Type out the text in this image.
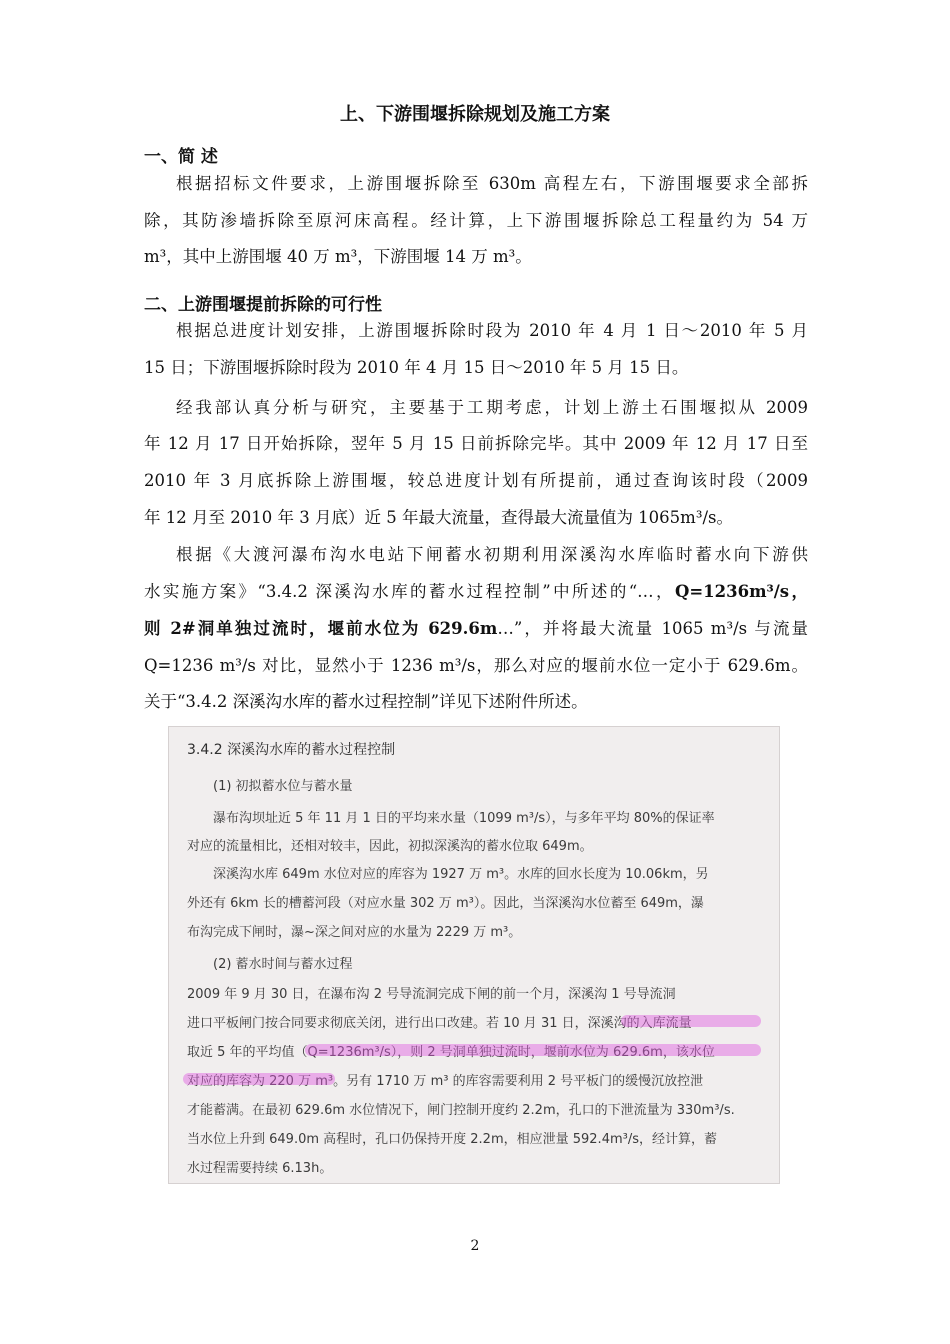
上、下游围堰拆除规划及施工方案
一、简 述
根据招标文件要求，上游围堰拆除至 630m 高程左右，下游围堰要求全部拆
除，其防渗墙拆除至原河床高程。经计算，上下游围堰拆除总工程量约为 54 万
m³，其中上游围堰 40 万 m³，下游围堰 14 万 m³。
二、上游围堰提前拆除的可行性
根据总进度计划安排，上游围堰拆除时段为 2010 年 4 月 1 日～2010 年 5 月
15 日；下游围堰拆除时段为 2010 年 4 月 15 日～2010 年 5 月 15 日。
经我部认真分析与研究，主要基于工期考虑，计划上游土石围堰拟从 2009
年 12 月 17 日开始拆除，翌年 5 月 15 日前拆除完毕。其中 2009 年 12 月 17 日至
2010 年 3 月底拆除上游围堰，较总进度计划有所提前，通过查询该时段（2009
年 12 月至 2010 年 3 月底）近 5 年最大流量，查得最大流量值为 1065m³/s。
根据《大渡河瀑布沟水电站下闸蓄水初期利用深溪沟水库临时蓄水向下游供
水实施方案》“3.4.2 深溪沟水库的蓄水过程控制”中所述的“…，Q=1236m³/s，
则 2#洞单独过流时，堰前水位为 629.6m…”，并将最大流量 1065 m³/s 与流量
Q=1236 m³/s 对比，显然小于 1236 m³/s，那么对应的堰前水位一定小于 629.6m。
关于“3.4.2 深溪沟水库的蓄水过程控制”详见下述附件所述。
3.4.2 深溪沟水库的蓄水过程控制
(1) 初拟蓄水位与蓄水量
瀑布沟坝址近 5 年 11 月 1 日的平均来水量（1099 m³/s），与多年平均 80%的保证率
对应的流量相比，还相对较丰，因此，初拟深溪沟的蓄水位取 649m。
深溪沟水库 649m 水位对应的库容为 1927 万 m³。水库的回水长度为 10.06km，另
外还有 6km 长的槽蓄河段（对应水量 302 万 m³）。因此，当深溪沟水位蓄至 649m，瀑
布沟完成下闸时，瀑~深之间对应的水量为 2229 万 m³。
(2) 蓄水时间与蓄水过程
2009 年 9 月 30 日，在瀑布沟 2 号导流洞完成下闸的前一个月，深溪沟 1 号导流洞
进口平板闸门按合同要求彻底关闭，进行出口改建。若 10 月 31 日，深溪沟的入库流量
取近 5 年的平均值（Q=1236m³/s），则 2 号洞单独过流时，堰前水位为 629.6m，该水位
对应的库容为 220 万 m³。另有 1710 万 m³ 的库容需要利用 2 号平板门的缓慢沉放控泄
才能蓄满。在最初 629.6m 水位情况下，闸门控制开度约 2.2m，孔口的下泄流量为 330m³/s.
当水位上升到 649.0m 高程时，孔口仍保持开度 2.2m，相应泄量 592.4m³/s，经计算，蓄
水过程需要持续 6.13h。
2
